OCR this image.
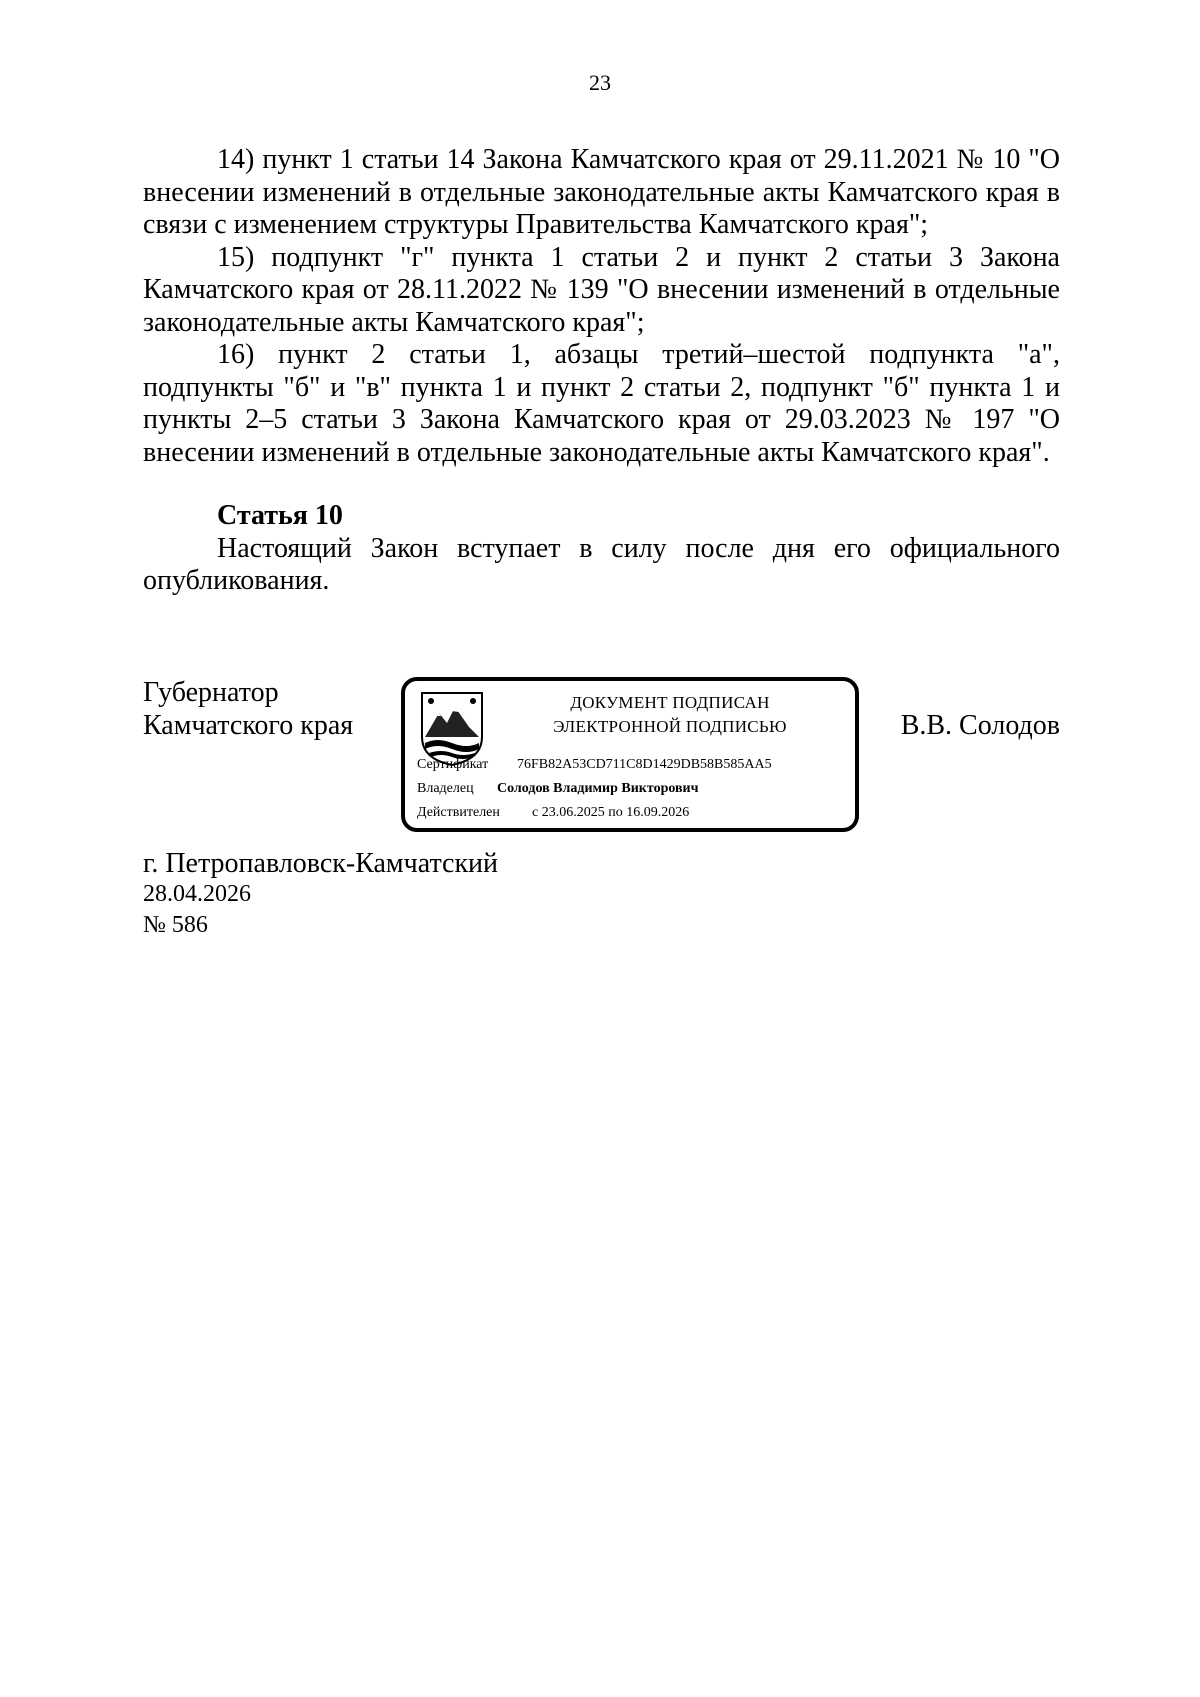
23

14) пункт 1 статьи 14 Закона Камчатского края от 29.11.2021 № 10 "О внесении изменений в отдельные законодательные акты Камчатского края в связи с изменением структуры Правительства Камчатского края";

15) подпункт "г" пункта 1 статьи 2 и пункт 2 статьи 3 Закона Камчатского края от 28.11.2022 № 139 "О внесении изменений в отдельные законодательные акты Камчатского края";

16) пункт 2 статьи 1, абзацы третий–шестой подпункта "а", подпункты "б" и "в" пункта 1 и пункт 2 статьи 2, подпункт "б" пункта 1 и пункты 2–5 статьи 3 Закона Камчатского края от 29.03.2023 № 197 "О внесении изменений в отдельные законодательные акты Камчатского края".

Статья 10

Настоящий Закон вступает в силу после дня его официального опубликования.

Губернатор
Камчатского края
ДОКУМЕНТ ПОДПИСАН
ЭЛЕКТРОННОЙ ПОДПИСЬЮ
Сертификат 76FB82A53CD711C8D1429DB58B585AA5
Владелец Солодов Владимир Викторович
Действителен с 23.06.2025 по 16.09.2026
В.В. Солодов
г. Петропавловск-Камчатский
28.04.2026
№ 586
